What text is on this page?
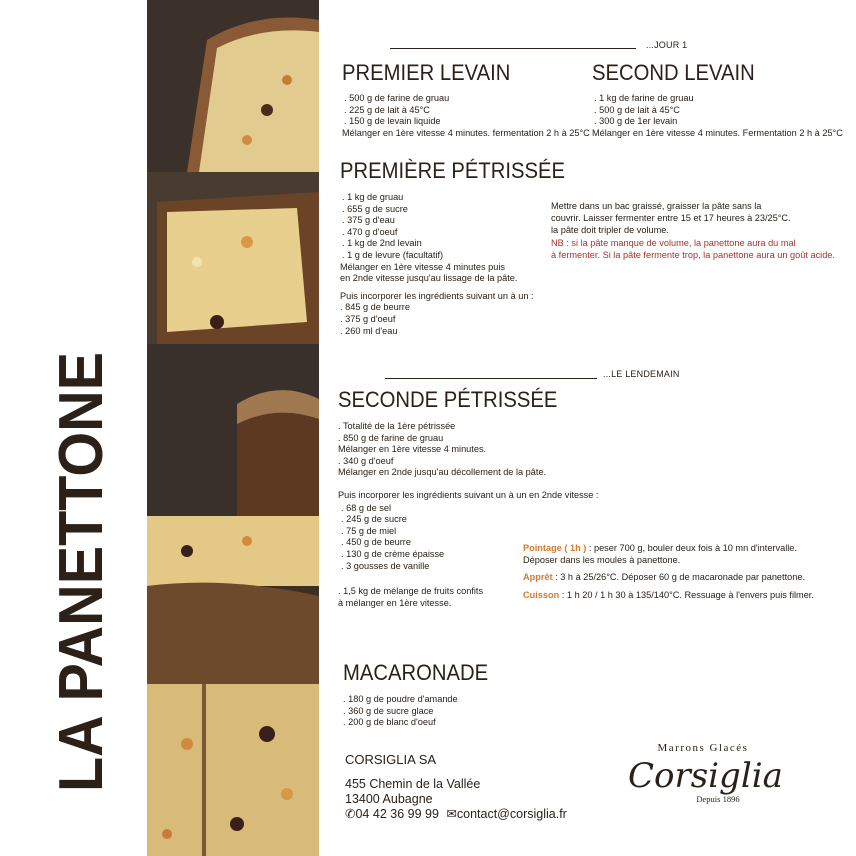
LA PANETTONE
...JOUR 1
PREMIER LEVAIN
. 500 g de farine de gruau
. 225 g de lait à 45°C
. 150 g de levain liquide
Mélanger en 1ère vitesse 4 minutes. fermentation 2 h à 25°C
SECOND LEVAIN
. 1 kg de farine de gruau
. 500 g de lait à 45°C
. 300 g de 1er levain
Mélanger en 1ère vitesse 4 minutes. Fermentation 2 h à 25°C
PREMIÈRE PÉTRISSÉE
. 1 kg de gruau
. 655 g de sucre
. 375 g d'eau
. 470 g d'oeuf
. 1 kg de 2nd levain
. 1 g de levure (facultatif)
Mélanger en 1ère vitesse 4 minutes puis
en 2nde vitesse jusqu'au lissage de la pâte.
Puis incorporer les ingrédients suivant un à un :
. 845 g de beurre
. 375 g d'oeuf
. 260 ml d'eau
Mettre dans un bac graissé, graisser la pâte sans la
couvrir. Laisser fermenter entre 15 et 17 heures à 23/25°C.
la pâte doit tripler de volume.
NB : si la pâte manque de volume, la panettone aura du mal
à fermenter. Si la pâte fermente trop, la panettone aura un goût acide.
...LE LENDEMAIN
SECONDE PÉTRISSÉE
. Totalité de la 1ère pétrissée
. 850 g de farine de gruau
Mélanger en 1ère vitesse 4 minutes.
. 340 g d'oeuf
Mélanger en 2nde jusqu'au décollement de la pâte.
Puis incorporer les ingrédients suivant un à un en 2nde vitesse :
. 68 g de sel
. 245 g de sucre
. 75 g de miel
. 450 g de beurre
. 130 g de crème épaisse
. 3 gousses de vanille
. 1,5 kg de mélange de fruits confits
à mélanger en 1ère vitesse.
Pointage ( 1h ) : peser 700 g, bouler deux fois à 10 mn d'intervalle.
Déposer dans les moules à panettone.
Apprêt : 3 h à 25/26°C. Déposer 60 g de macaronade par panettone.
Cuisson : 1 h 20 / 1 h 30 à 135/140°C. Ressuage à l'envers puis filmer.
MACARONADE
. 180 g de poudre d'amande
. 360 g de sucre glace
. 200 g de blanc d'oeuf
CORSIGLIA SA
455 Chemin de la Vallée
13400 Aubagne
✆04 42 36 99 99 ✉contact@corsiglia.fr
Marrons Glacés
Corsiglia
Depuis 1896
